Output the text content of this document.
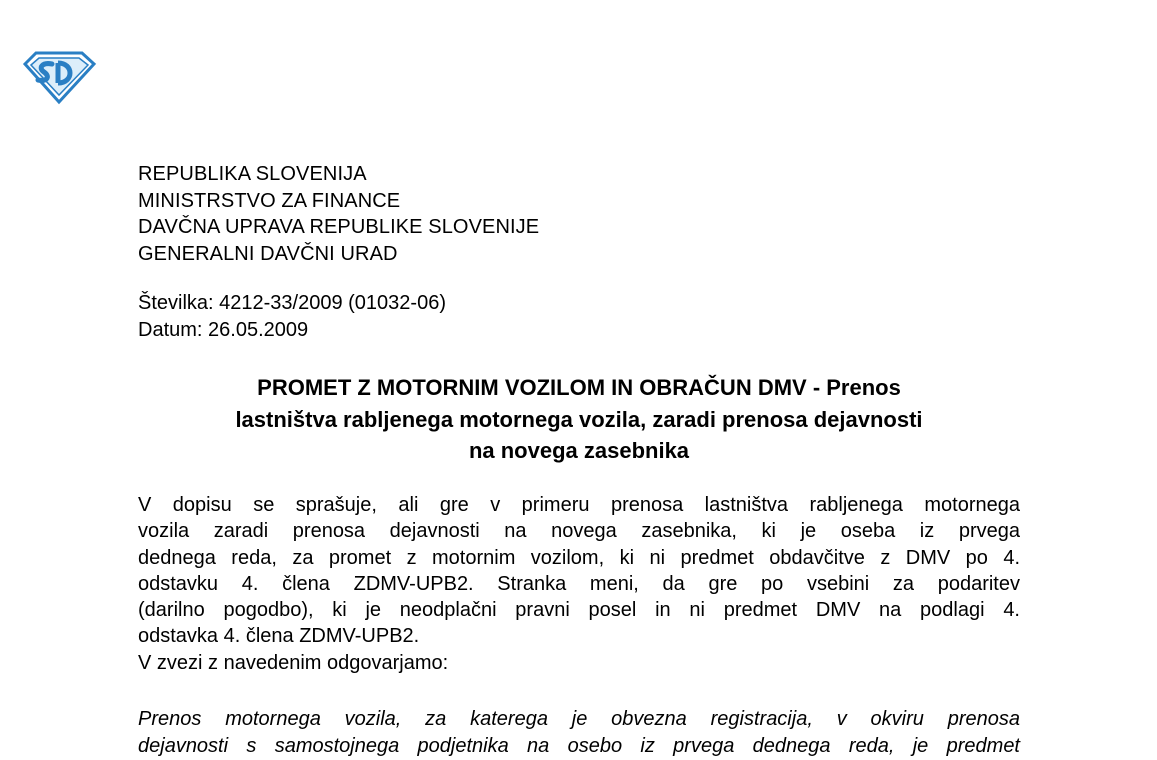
REPUBLIKA SLOVENIJA
MINISTRSTVO ZA FINANCE
DAVČNA UPRAVA REPUBLIKE SLOVENIJE
GENERALNI DAVČNI URAD
Številka: 4212-33/2009 (01032-06)
Datum: 26.05.2009
PROMET Z MOTORNIM VOZILOM IN OBRAČUN DMV - Prenos
lastništva rabljenega motornega vozila, zaradi prenosa dejavnosti
na novega zasebnika
V dopisu se sprašuje, ali gre v primeru prenosa lastništva rabljenega motornega
vozila zaradi prenosa dejavnosti na novega zasebnika, ki je oseba iz prvega
dednega reda, za promet z motornim vozilom, ki ni predmet obdavčitve z DMV po 4.
odstavku 4. člena ZDMV-UPB2. Stranka meni, da gre po vsebini za podaritev
(darilno pogodbo), ki je neodplačni pravni posel in ni predmet DMV na podlagi 4.
odstavka 4. člena ZDMV-UPB2.
V zvezi z navedenim odgovarjamo:
Prenos motornega vozila, za katerega je obvezna registracija, v okviru prenosa
dejavnosti s samostojnega podjetnika na osebo iz prvega dednega reda, je predmet
